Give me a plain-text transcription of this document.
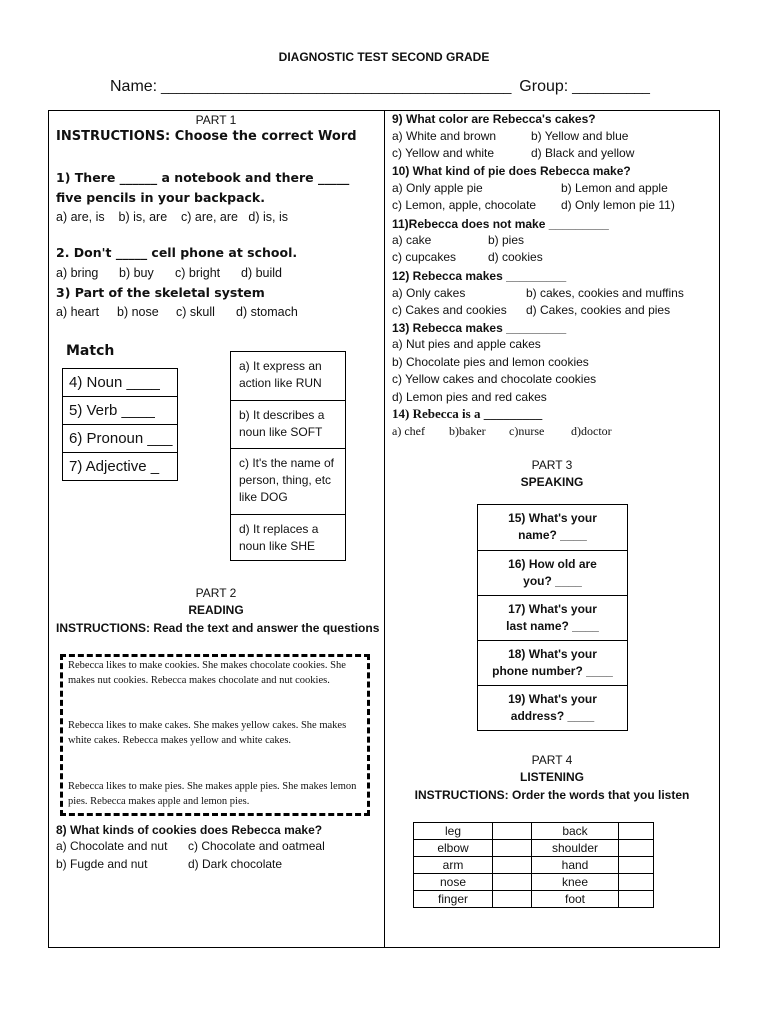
DIAGNOSTIC TEST SECOND GRADE
Name: _____________________________________________ Group: __________
PART 1
INSTRUCTIONS: Choose the correct Word
1) There ______ a notebook and there _____
five pencils in your backpack.
a) are, is    b) is, are    c) are, are   d) is, is
2. Don't _____ cell phone at school.
a) bring b) buy c) bright d) build
3) Part of the skeletal system
a) heart b) nose c) skull d) stomach
Match
4) Noun ____
5) Verb ____
6) Pronoun ___
7) Adjective _
a) It express an action like RUN
b) It describes a noun like SOFT
c) It's the name of person, thing, etc like DOG
d) It replaces a noun like SHE
PART 2
READING
INSTRUCTIONS: Read the text and answer the questions
Rebecca likes to make cookies. She makes chocolate cookies. She makes nut cookies. Rebecca makes chocolate and nut cookies.
Rebecca likes to make cakes. She makes yellow cakes. She makes white cakes. Rebecca makes yellow and white cakes.
Rebecca likes to make pies. She makes apple pies. She makes lemon pies. Rebecca makes apple and lemon pies.
8) What kinds of cookies does Rebecca make?
a) Chocolate and nut c) Chocolate and oatmeal
b) Fugde and nut	d) Dark chocolate
9) What color are Rebecca's cakes?
a) White and brown	b) Yellow and blue
c) Yellow and white	d) Black and yellow
10) What kind of pie does Rebecca make?
a) Only apple pie	b) Lemon and apple
c) Lemon, apple, chocolate d) Only lemon pie 11)
11)Rebecca does not make _________
a) cake	b) pies
c) cupcakes	d) cookies
12) Rebecca makes _________
a) Only cakes	b) cakes, cookies and muffins
c) Cakes and cookies d) Cakes, cookies and pies
13) Rebecca makes _________
a) Nut pies and apple cakes
b) Chocolate pies and lemon cookies
c) Yellow cakes and chocolate cookies
d) Lemon pies and red cakes
14) Rebecca is a _________
a) chef b)baker c)nurse d)doctor
PART 3
SPEAKING
15) What's your
name? ____
16) How old are
you? ____
17) What's your
last name? ____
18) What's your
phone number? ____
19) What's your
address? ____
PART 4
LISTENING
INSTRUCTIONS: Order the words that you listen
leg		back	
elbow		shoulder	
arm		hand	
nose		knee	
finger		foot	
